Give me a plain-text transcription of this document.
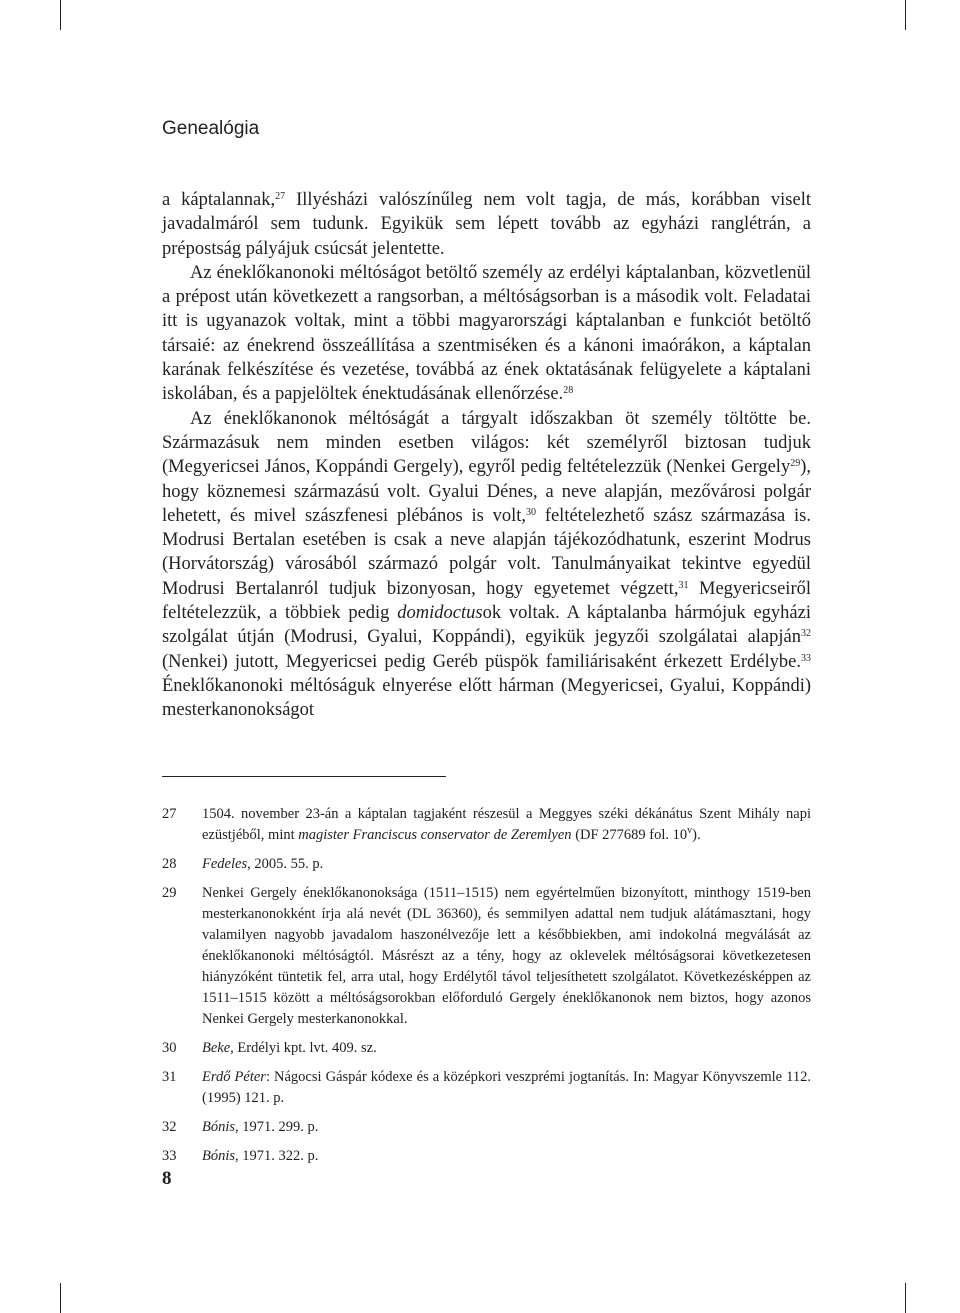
Genealógia

a káptalannak,$^{27}$ Illyésházi valószínűleg nem volt tagja, de más, korábban viselt javadalmáról sem tudunk. Egyikük sem lépett tovább az egyházi ranglétrán, a prépostság pályájuk csúcsát jelentette.

Az éneklőkanonoki méltóságot betöltő személy az erdélyi káptalanban, közvetlenül a prépost után következett a rangsorban, a méltóságsorban is a második volt. Feladatai itt is ugyanazok voltak, mint a többi magyarországi káptalanban e funkciót betöltő társaié: az énekrend összeállítása a szentmiséken és a kánoni imaórákon, a káptalan karának felkészítése és vezetése, továbbá az ének oktatásának felügyelete a káptalani iskolában, és a papjelöltek énektudásának ellenőrzése.$^{28}$

Az éneklőkanonok méltóságát a tárgyalt időszakban öt személy töltötte be. Származásuk nem minden esetben világos: két személyről biztosan tudjuk (Megyericsei János, Koppándi Gergely), egyről pedig feltételezzük (Nenkei Gergely$^{29}$), hogy köznemesi származású volt. Gyalui Dénes, a neve alapján, mezővárosi polgár lehetett, és mivel szászfenesi plébános is volt,$^{30}$ feltételezhető szász származása is. Modrusi Bertalan esetében is csak a neve alapján tájékozódhatunk, eszerint Modrus (Horvátország) városából származó polgár volt. Tanulmányaikat tekintve egyedül Modrusi Bertalanról tudjuk bizonyosan, hogy egyetemet végzett,$^{31}$ Megyericseiről feltételezzük, a többiek pedig domidoctusok voltak. A káptalanba hármójuk egyházi szolgálat útján (Modrusi, Gyalui, Koppándi), egyikük jegyzői szolgálatai alapján$^{32}$ (Nenkei) jutott, Megyericsei pedig Geréb püspök familiárisaként érkezett Erdélybe.$^{33}$ Éneklőkanonoki méltóságuk elnyerése előtt hárman (Megyericsei, Gyalui, Koppándi) mesterkanonokságot

27 1504. november 23-án a káptalan tagjaként részesül a Meggyes széki dékánátus Szent Mihály napi ezüstjéből, mint magister Franciscus conservator de Zeremlyen (DF 277689 fol. 10$^v$).
28 Fedeles, 2005. 55. p.
29 Nenkei Gergely éneklőkanonoksága (1511–1515) nem egyértelműen bizonyított, minthogy 1519-ben mesterkanonokként írja alá nevét (DL 36360), és semmilyen adattal nem tudjuk alátámasztani, hogy valamilyen nagyobb javadalom haszonélvezője lett a későbbiekben, ami indokolná megválását az éneklőkanonoki méltóságtól. Másrészt az a tény, hogy az oklevelek méltóságsorai következetesen hiányzóként tüntetik fel, arra utal, hogy Erdélytől távol teljesíthetett szolgálatot. Következésképpen az 1511–1515 között a méltóságsorokban előforduló Gergely éneklőkanonok nem biztos, hogy azonos Nenkei Gergely mesterkanonokkal.
30 Beke, Erdélyi kpt. lvt. 409. sz.
31 Erdő Péter: Nágocsi Gáspár kódexe és a középkori veszprémi jogtanítás. In: Magyar Könyvszemle 112. (1995) 121. p.
32 Bónis, 1971. 299. p.
33 Bónis, 1971. 322. p.
8
